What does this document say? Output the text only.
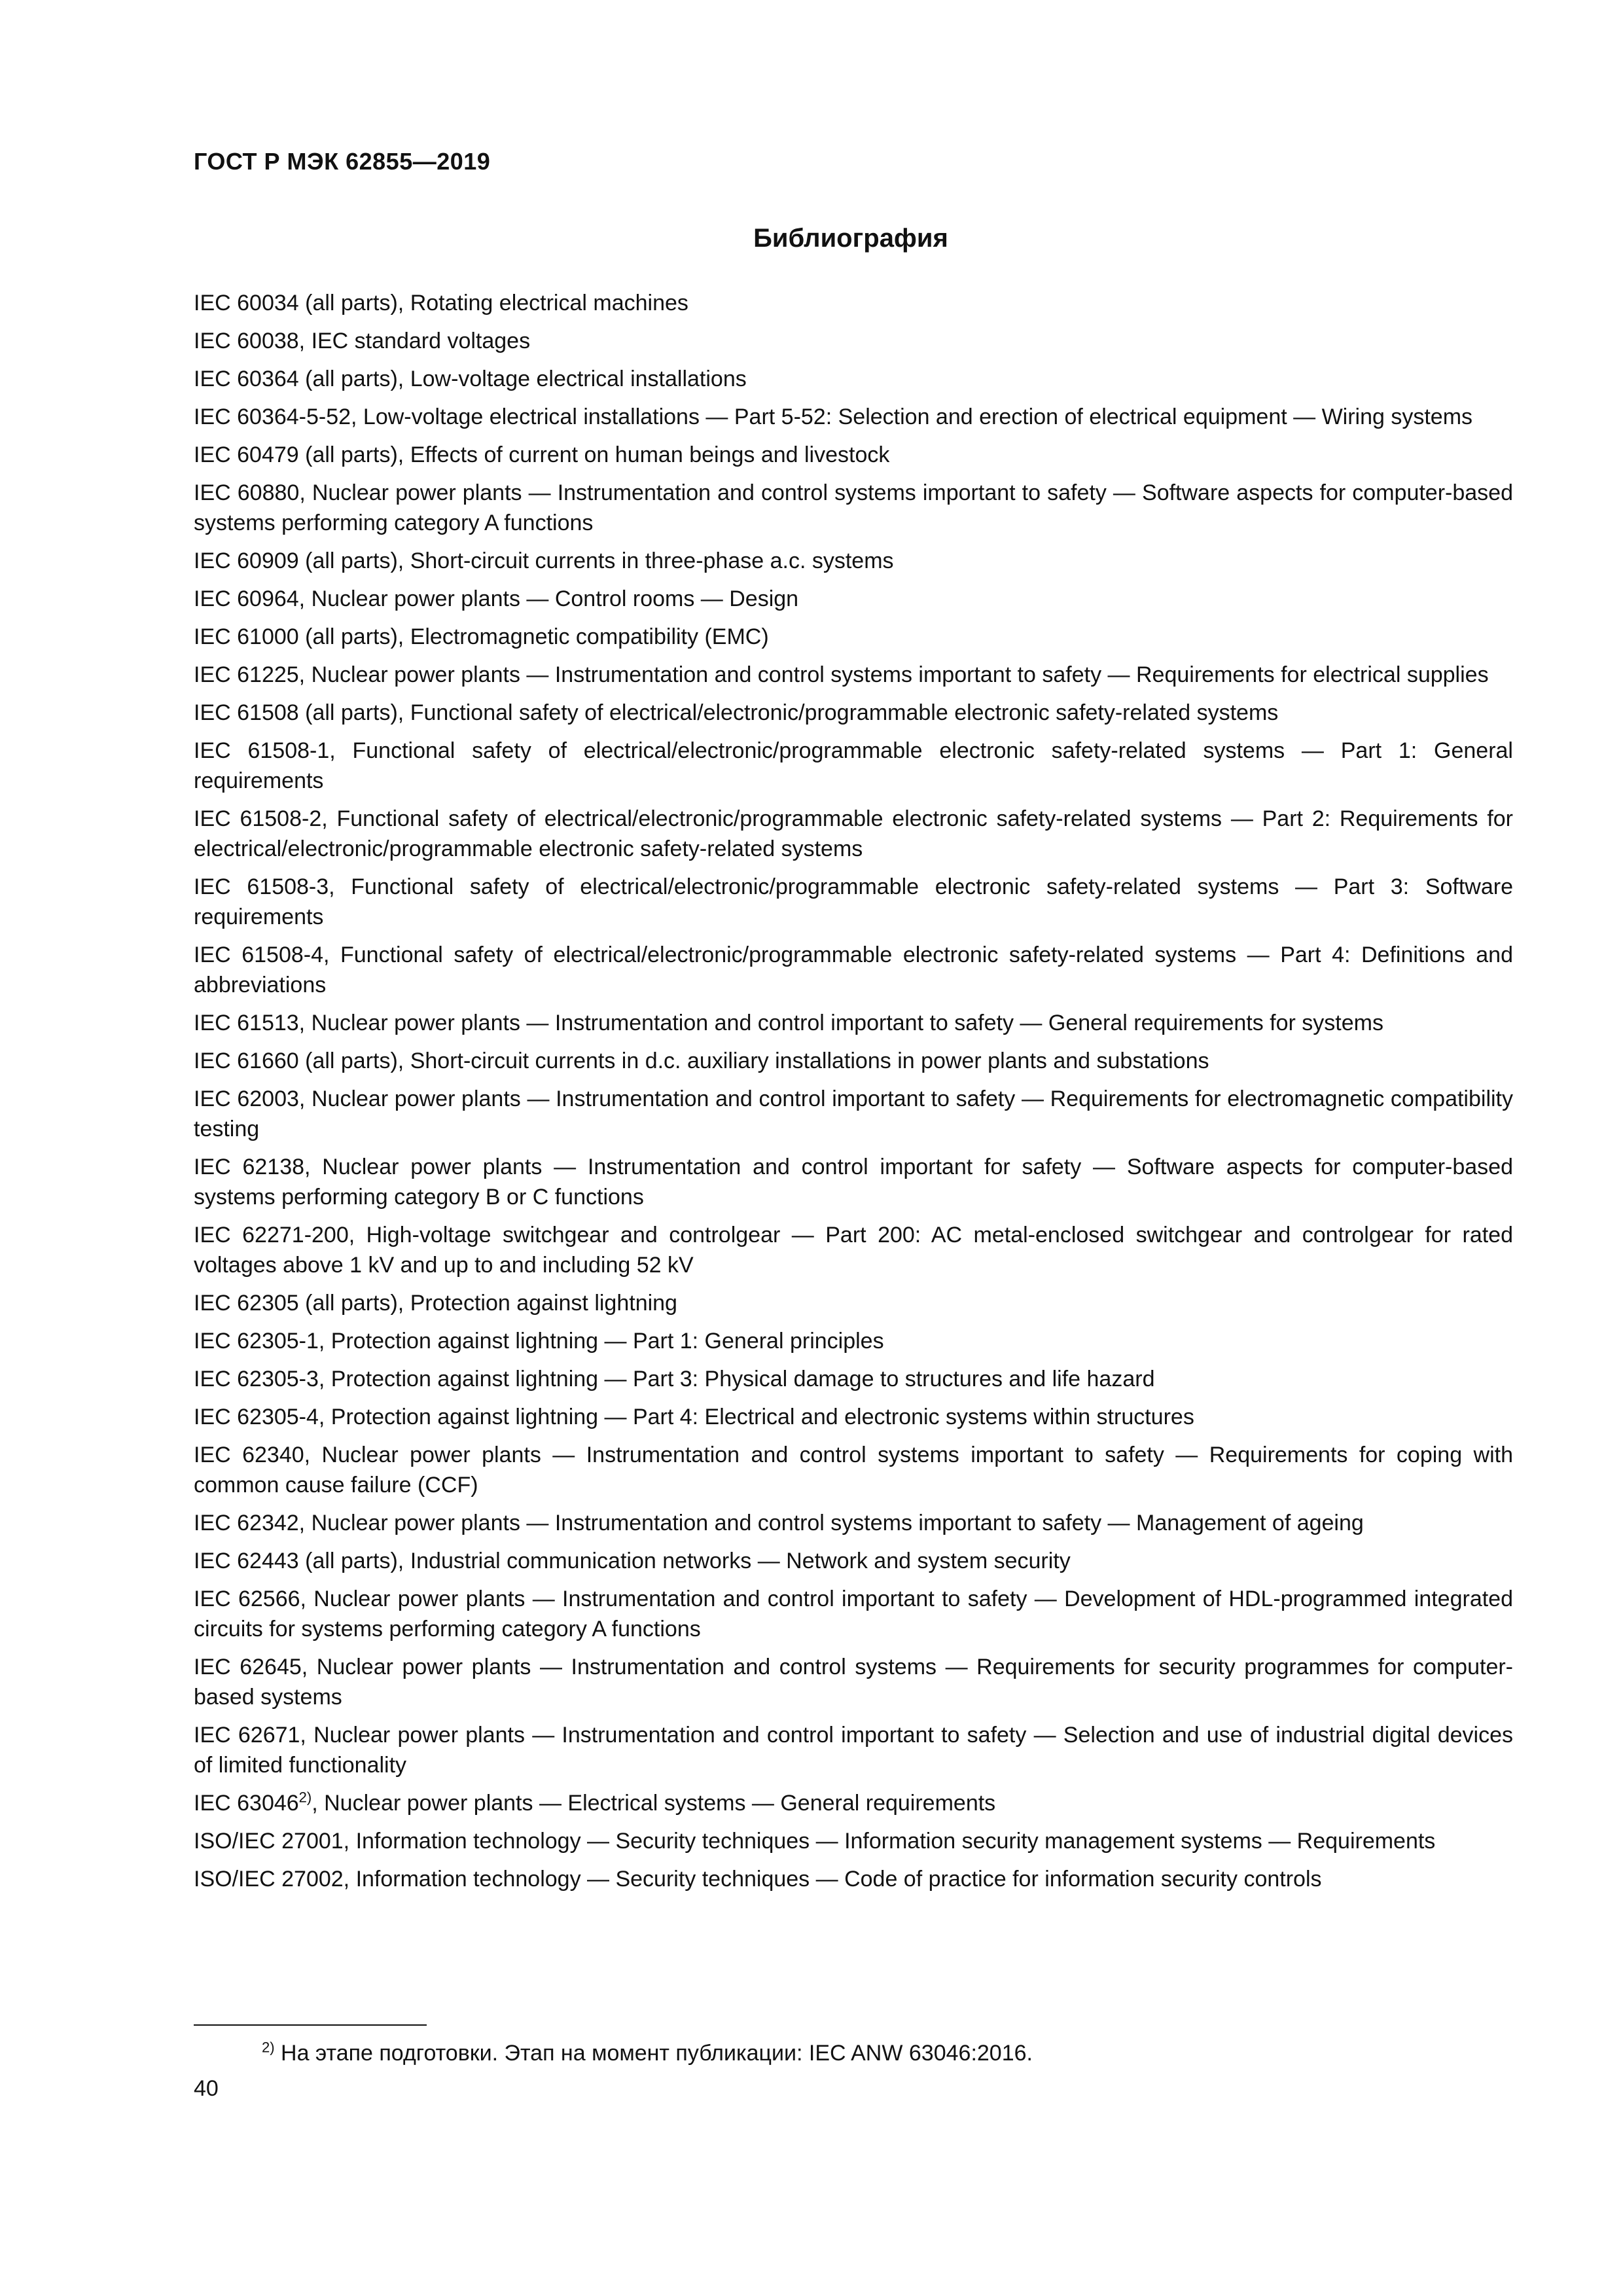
ГОСТ Р МЭК 62855—2019
Библиография
IEC 60034 (all parts), Rotating electrical machines
IEC 60038, IEC standard voltages
IEC 60364 (all parts), Low-voltage electrical installations
IEC 60364-5-52, Low-voltage electrical installations — Part 5-52: Selection and erection of electrical equipment — Wiring systems
IEC 60479 (all parts), Effects of current on human beings and livestock
IEC 60880, Nuclear power plants — Instrumentation and control systems important to safety — Software aspects for computer-based systems performing category A functions
IEC 60909 (all parts), Short-circuit currents in three-phase a.c. systems
IEC 60964, Nuclear power plants — Control rooms — Design
IEC 61000 (all parts), Electromagnetic compatibility (EMC)
IEC 61225, Nuclear power plants — Instrumentation and control systems important to safety — Requirements for electrical supplies
IEC 61508 (all parts), Functional safety of electrical/electronic/programmable electronic safety-related systems
IEC 61508-1, Functional safety of electrical/electronic/programmable electronic safety-related systems — Part 1: General requirements
IEC 61508-2, Functional safety of electrical/electronic/programmable electronic safety-related systems — Part 2: Requirements for electrical/electronic/programmable electronic safety-related systems
IEC 61508-3, Functional safety of electrical/electronic/programmable electronic safety-related systems — Part 3: Software requirements
IEC 61508-4, Functional safety of electrical/electronic/programmable electronic safety-related systems — Part 4: Definitions and abbreviations
IEC 61513, Nuclear power plants — Instrumentation and control important to safety — General requirements for systems
IEC 61660 (all parts), Short-circuit currents in d.c. auxiliary installations in power plants and substations
IEC 62003, Nuclear power plants — Instrumentation and control important to safety — Requirements for electromagnetic compatibility testing
IEC 62138, Nuclear power plants — Instrumentation and control important for safety — Software aspects for computer-based systems performing category B or C functions
IEC 62271-200, High-voltage switchgear and controlgear — Part 200: AC metal-enclosed switchgear and controlgear for rated voltages above 1 kV and up to and including 52 kV
IEC 62305 (all parts), Protection against lightning
IEC 62305-1, Protection against lightning — Part 1: General principles
IEC 62305-3, Protection against lightning — Part 3: Physical damage to structures and life hazard
IEC 62305-4, Protection against lightning — Part 4: Electrical and electronic systems within structures
IEC 62340, Nuclear power plants — Instrumentation and control systems important to safety — Requirements for coping with common cause failure (CCF)
IEC 62342, Nuclear power plants — Instrumentation and control systems important to safety — Management of ageing
IEC 62443 (all parts), Industrial communication networks — Network and system security
IEC 62566, Nuclear power plants — Instrumentation and control important to safety — Development of HDL-programmed integrated circuits for systems performing category A functions
IEC 62645, Nuclear power plants — Instrumentation and control systems — Requirements for security programmes for computer-based systems
IEC 62671, Nuclear power plants — Instrumentation and control important to safety — Selection and use of industrial digital devices of limited functionality
IEC 63046$^{2)}$, Nuclear power plants — Electrical systems — General requirements
ISO/IEC 27001, Information technology — Security techniques — Information security management systems — Requirements
ISO/IEC 27002, Information technology — Security techniques — Code of practice for information security controls
$^{2)}$ На этапе подготовки. Этап на момент публикации: IEC ANW 63046:2016.
40
